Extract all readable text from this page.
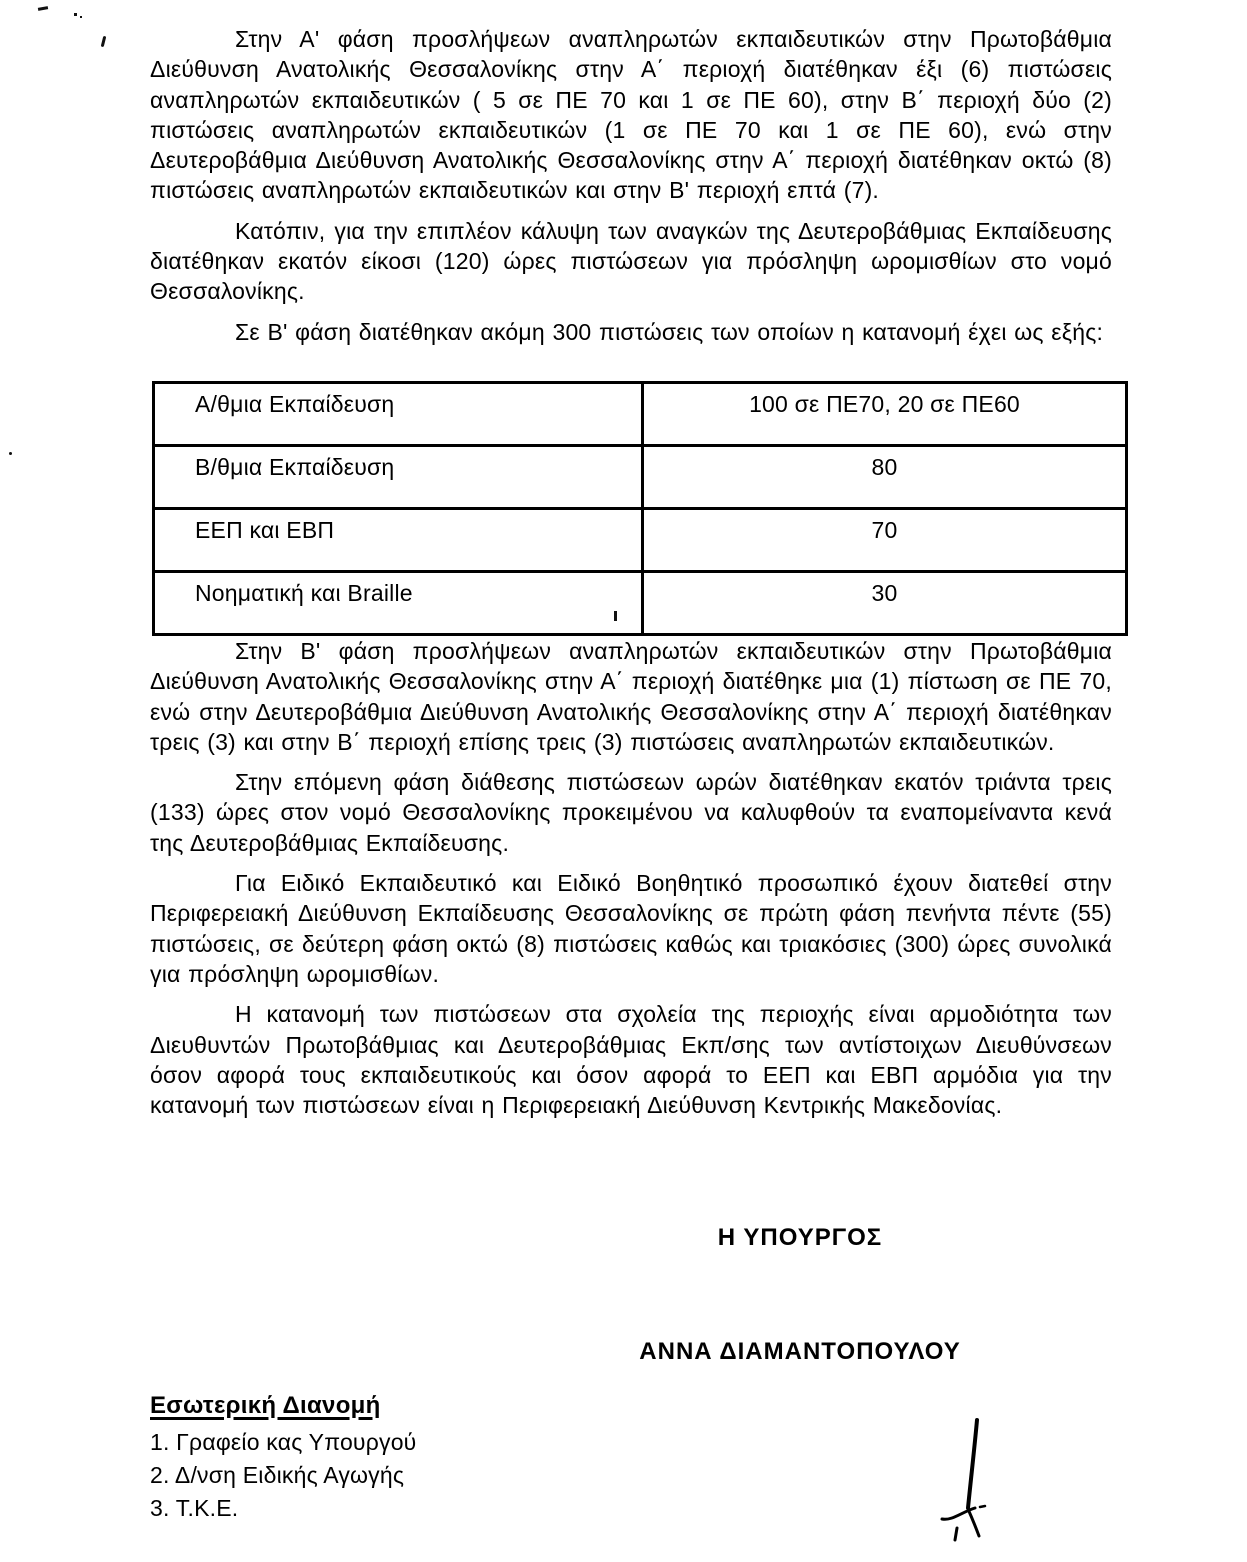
Στην Α' φάση προσλήψεων αναπληρωτών εκπαιδευτικών στην Πρωτοβάθμια Διεύθυνση Ανατολικής Θεσσαλονίκης στην Α΄ περιοχή διατέθηκαν έξι (6) πιστώσεις αναπληρωτών εκπαιδευτικών ( 5 σε ΠΕ 70 και 1 σε ΠΕ 60), στην Β΄ περιοχή δύο (2) πιστώσεις αναπληρωτών εκπαιδευτικών (1 σε ΠΕ 70 και 1 σε ΠΕ 60), ενώ στην Δευτεροβάθμια Διεύθυνση Ανατολικής Θεσσαλονίκης στην Α΄ περιοχή διατέθηκαν οκτώ (8) πιστώσεις αναπληρωτών εκπαιδευτικών και στην Β' περιοχή επτά (7).

Κατόπιν, για την επιπλέον κάλυψη των αναγκών της Δευτεροβάθμιας Εκπαίδευσης διατέθηκαν εκατόν είκοσι (120) ώρες πιστώσεων για πρόσληψη ωρομισθίων στο νομό Θεσσαλονίκης.

Σε Β' φάση διατέθηκαν ακόμη 300 πιστώσεις των οποίων η κατανομή έχει ως εξής:

Α/θμια Εκπαίδευση	100 σε ΠΕ70, 20 σε ΠΕ60
Β/θμια Εκπαίδευση	80
ΕΕΠ και ΕΒΠ	70
Νοηματική και Braille	30

Στην Β' φάση προσλήψεων αναπληρωτών εκπαιδευτικών στην Πρωτοβάθμια Διεύθυνση Ανατολικής Θεσσαλονίκης στην Α΄ περιοχή διατέθηκε μια (1) πίστωση σε ΠΕ 70, ενώ στην Δευτεροβάθμια Διεύθυνση Ανατολικής Θεσσαλονίκης στην Α΄ περιοχή διατέθηκαν τρεις (3) και στην Β΄ περιοχή επίσης τρεις (3) πιστώσεις αναπληρωτών εκπαιδευτικών.

Στην επόμενη φάση διάθεσης πιστώσεων ωρών διατέθηκαν εκατόν τριάντα τρεις (133) ώρες στον νομό Θεσσαλονίκης προκειμένου να καλυφθούν τα εναπομείναντα κενά της Δευτεροβάθμιας Εκπαίδευσης.

Για Ειδικό Εκπαιδευτικό και Ειδικό Βοηθητικό προσωπικό έχουν διατεθεί στην Περιφερειακή Διεύθυνση Εκπαίδευσης Θεσσαλονίκης σε πρώτη φάση πενήντα πέντε (55) πιστώσεις, σε δεύτερη φάση οκτώ (8) πιστώσεις καθώς και τριακόσιες (300) ώρες συνολικά για πρόσληψη ωρομισθίων.

Η κατανομή των πιστώσεων στα σχολεία της περιοχής είναι αρμοδιότητα των Διευθυντών Πρωτοβάθμιας και Δευτεροβάθμιας Εκπ/σης των αντίστοιχων Διευθύνσεων όσον αφορά τους εκπαιδευτικούς και όσον αφορά το ΕΕΠ και ΕΒΠ αρμόδια για την κατανομή των πιστώσεων είναι η Περιφερειακή Διεύθυνση Κεντρικής Μακεδονίας.

Η ΥΠΟΥΡΓΟΣ
ΑΝΝΑ ΔΙΑΜΑΝΤΟΠΟΥΛΟΥ

Εσωτερική Διανομή

1. Γραφείο κας Υπουργού

2. Δ/νση Ειδικής Αγωγής

3. Τ.Κ.Ε.
